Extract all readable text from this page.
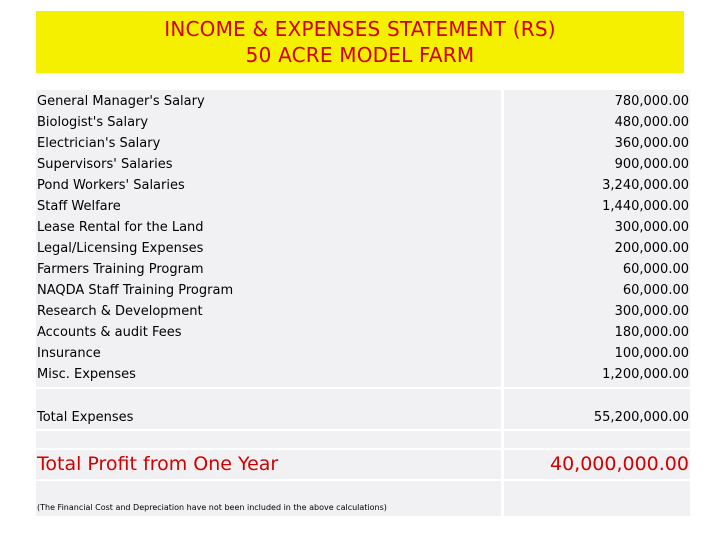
INCOME & EXPENSES STATEMENT (RS)
50 ACRE MODEL FARM
General Manager's Salary	780,000.00
Biologist's Salary	480,000.00
Electrician's Salary	360,000.00
Supervisors' Salaries	900,000.00
Pond Workers' Salaries	3,240,000.00
Staff Welfare	1,440,000.00
Lease Rental for the Land	300,000.00
Legal/Licensing Expenses	200,000.00
Farmers Training Program	60,000.00
NAQDA Staff Training Program	60,000.00
Research & Development	300,000.00
Accounts & audit Fees	180,000.00
Insurance	100,000.00
Misc. Expenses	1,200,000.00
Total Expenses	55,200,000.00
Total Profit from One Year	40,000,000.00
(The Financial Cost and Depreciation have not been included in the above calculations)
